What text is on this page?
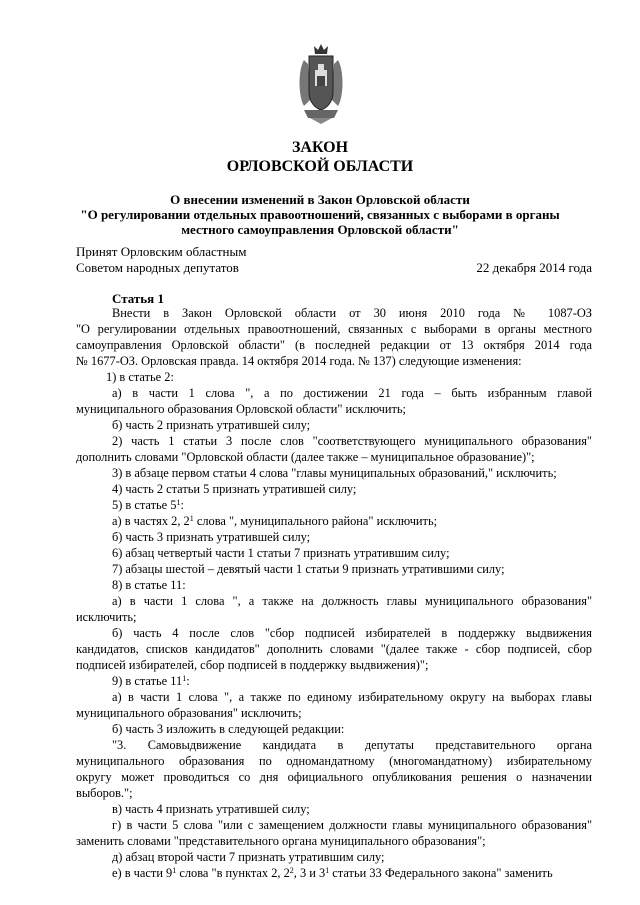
ЗАКОН
ОРЛОВСКОЙ ОБЛАСТИ
О внесении изменений в Закон Орловской области
"О регулировании отдельных правоотношений, связанных с выборами в органы
местного самоуправления Орловской области"
Принят Орловским областным
Советом народных депутатов	22 декабря 2014 года
Статья 1
Внести в Закон Орловской области от 30 июня 2010 года № 1087-ОЗ
"О регулировании отдельных правоотношений, связанных с выборами в органы местного
самоуправления Орловской области" (в последней редакции от 13 октября 2014 года
№ 1677-ОЗ. Орловская правда. 14 октября 2014 года. № 137) следующие изменения:
1) в статье 2:
а) в части 1 слова ", а по достижении 21 года – быть избранным главой
муниципального образования Орловской области" исключить;
б) часть 2 признать утратившей силу;
2) часть 1 статьи 3 после слов "соответствующего муниципального образования"
дополнить словами "Орловской области (далее также – муниципальное образование)";
3) в абзаце первом статьи 4 слова "главы муниципальных образований," исключить;
4) часть 2 статьи 5 признать утратившей силу;
5) в статье $5^1$:
а) в частях 2, $2^1$ слова ", муниципального района" исключить;
б) часть 3 признать утратившей силу;
6) абзац четвертый части 1 статьи 7 признать утратившим силу;
7) абзацы шестой – девятый части 1 статьи 9 признать утратившими силу;
8) в статье 11:
а) в части 1 слова ", а также на должность главы муниципального образования"
исключить;
б) часть 4 после слов "сбор подписей избирателей в поддержку выдвижения
кандидатов, списков кандидатов" дополнить словами "(далее также - сбор подписей, сбор
подписей избирателей, сбор подписей в поддержку выдвижения)";
9) в статье $11^1$:
а) в части 1 слова ", а также по единому избирательному округу на выборах главы
муниципального образования" исключить;
б) часть 3 изложить в следующей редакции:
"3. Самовыдвижение кандидата в депутаты представительного органа
муниципального образования по одномандатному (многомандатному) избирательному
округу может проводиться со дня официального опубликования решения о назначении
выборов.";
в) часть 4 признать утратившей силу;
г) в части 5 слова "или с замещением должности главы муниципального образования"
заменить словами "представительного органа муниципального образования";
д) абзац второй части 7 признать утратившим силу;
е) в части $9^1$ слова "в пунктах 2, $2^2$, 3 и $3^1$ статьи 33 Федерального закона" заменить
